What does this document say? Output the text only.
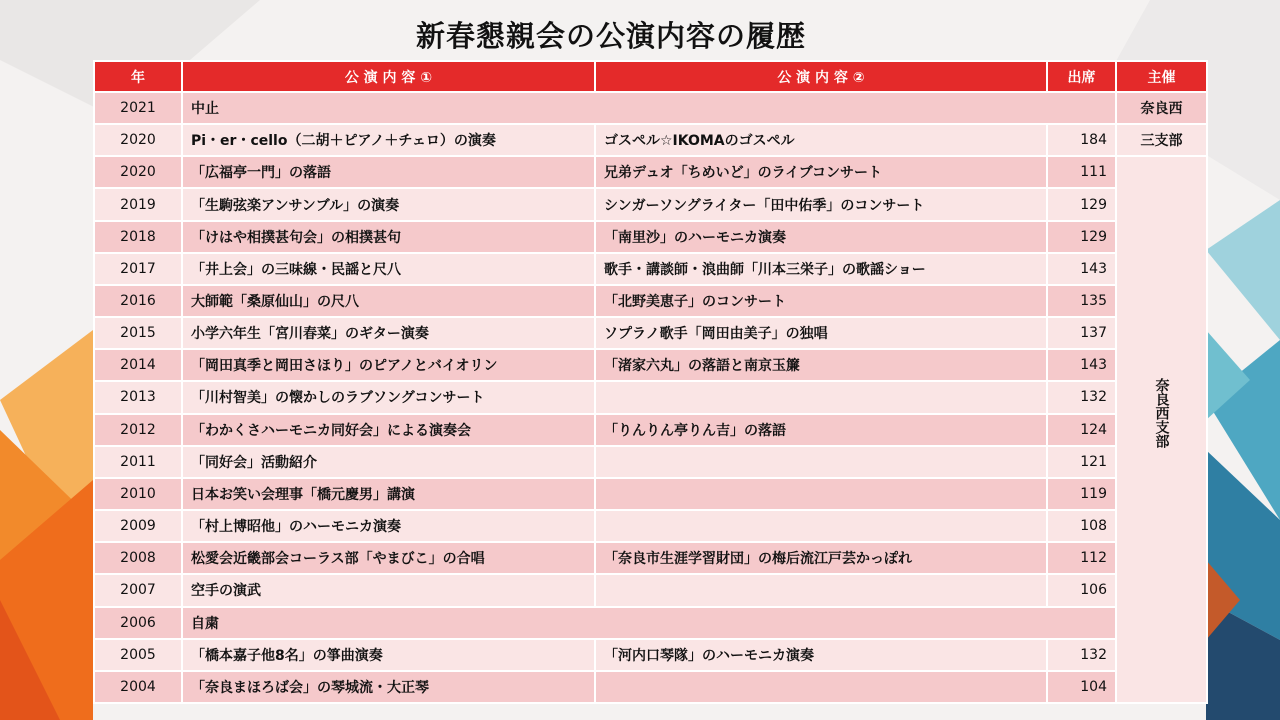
新春懇親会の公演内容の履歴
年	公 演 内 容 ①	公 演 内 容 ②	出席	主催
2021	中止			奈良西
2020	Pi・er・cello（二胡＋ピアノ＋チェロ）の演奏	ゴスペル☆IKOMAのゴスペル	184	三支部
2020	「広福亭一門」の落語	兄弟デュオ「ちめいど」のライブコンサート	111	奈良西支部
2019	「生駒弦楽アンサンブル」の演奏	シンガーソングライター「田中佑季」のコンサート	129	
2018	「けはや相撲甚句会」の相撲甚句	「南里沙」のハーモニカ演奏	129	
2017	「井上会」の三味線・民謡と尺八	歌手・講談師・浪曲師「川本三栄子」の歌謡ショー	143	
2016	大師範「桑原仙山」の尺八	「北野美恵子」のコンサート	135	
2015	小学六年生「宮川春菜」のギター演奏	ソプラノ歌手「岡田由美子」の独唱	137	
2014	「岡田真季と岡田さほり」のピアノとバイオリン	「渚家六丸」の落語と南京玉簾	143	
2013	「川村智美」の懐かしのラブソングコンサート		132	
2012	「わかくさハーモニカ同好会」による演奏会	「りんりん亭りん吉」の落語	124	
2011	「同好会」活動紹介		121	
2010	日本お笑い会理事「橋元慶男」講演		119	
2009	「村上博昭他」のハーモニカ演奏		108	
2008	松愛会近畿部会コーラス部「やまびこ」の合唱	「奈良市生涯学習財団」の梅后流江戸芸かっぽれ	112	
2007	空手の演武		106	
2006	自粛			
2005	「橋本嘉子他8名」の箏曲演奏	「河内口琴隊」のハーモニカ演奏	132	
2004	「奈良まほろば会」の琴城流・大正琴		104	
